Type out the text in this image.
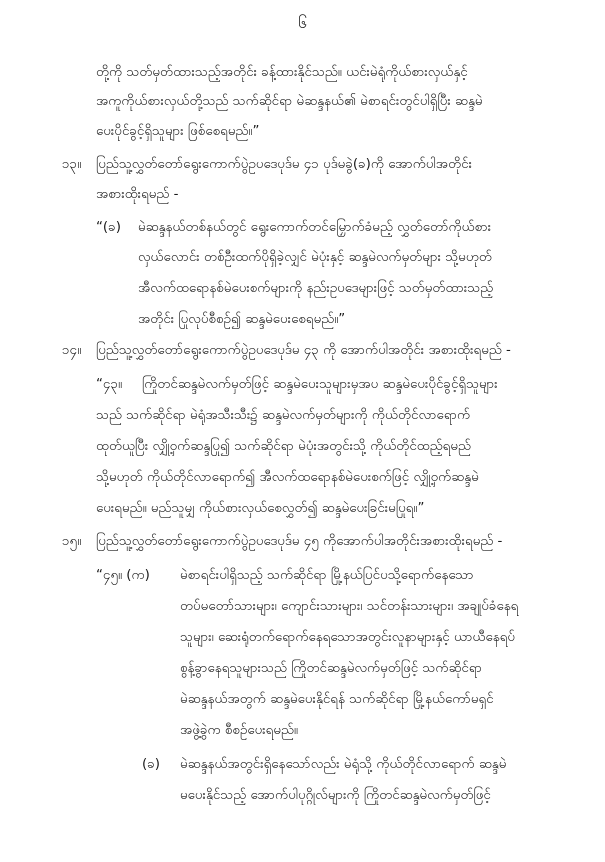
၆
တို့ကို သတ်မှတ်ထားသည့်အတိုင်း ခန့်ထားနိုင်သည်။ ယင်းမဲရုံကိုယ်စားလှယ်နှင့်
အကူကိုယ်စားလှယ်တို့သည် သက်ဆိုင်ရာ မဲဆန္ဒနယ်၏ မဲစာရင်းတွင်ပါရှိပြီး ဆန္ဒမဲ
ပေးပိုင်ခွင့်ရှိသူများ ဖြစ်စေရမည်။”
၁၃။ ပြည်သူ့လွှတ်တော်ရွေးကောက်ပွဲဥပဒေပုဒ်မ ၄၁ ပုဒ်မခွဲ(ခ)ကို အောက်ပါအတိုင်း
အစားထိုးရမည် -
“(ခ) မဲဆန္ဒနယ်တစ်နယ်တွင် ရွေးကောက်တင်မြှောက်ခံမည့် လွှတ်တော်ကိုယ်စား
လှယ်လောင်း တစ်ဦးထက်ပိုရှိခဲ့လျှင် မဲပုံးနှင့် ဆန္ဒမဲလက်မှတ်များ သို့မဟုတ်
အီလက်ထရောနစ်မဲပေးစက်များကို နည်းဥပဒေများဖြင့် သတ်မှတ်ထားသည့်
အတိုင်း ပြုလုပ်စီစဉ်၍ ဆန္ဒမဲပေးစေရမည်။”
၁၄။ ပြည်သူ့လွှတ်တော်ရွေးကောက်ပွဲဥပဒေပုဒ်မ ၄၃ ကို အောက်ပါအတိုင်း အစားထိုးရမည် -
“၄၃။ ကြိုတင်ဆန္ဒမဲလက်မှတ်ဖြင့် ဆန္ဒမဲပေးသူများမှအပ ဆန္ဒမဲပေးပိုင်ခွင့်ရှိသူများ
သည် သက်ဆိုင်ရာ မဲရုံအသီးသီး၌ ဆန္ဒမဲလက်မှတ်များကို ကိုယ်တိုင်လာရောက်
ထုတ်ယူပြီး လျှို့ဝှက်ဆန္ဒပြု၍ သက်ဆိုင်ရာ မဲပုံးအတွင်းသို့ ကိုယ်တိုင်ထည့်ရမည်
သို့မဟုတ် ကိုယ်တိုင်လာရောက်၍ အီလက်ထရောနစ်မဲပေးစက်ဖြင့် လျှို့ဝှက်ဆန္ဒမဲ
ပေးရမည်။ မည်သူမျှ ကိုယ်စားလှယ်စေလွှတ်၍ ဆန္ဒမဲပေးခြင်းမပြုရ။”
၁၅။ ပြည်သူ့လွှတ်တော်ရွေးကောက်ပွဲဥပဒေပုဒ်မ ၄၅ ကိုအောက်ပါအတိုင်းအစားထိုးရမည် -
“၄၅။ (က) မဲစာရင်းပါရှိသည့် သက်ဆိုင်ရာ မြို့နယ်ပြင်ပသို့ရောက်နေသော
တပ်မတော်သားများ၊ ကျောင်းသားများ၊ သင်တန်းသားများ၊ အချုပ်ခံနေရ
သူများ၊ ဆေးရုံတက်ရောက်နေရသောအတွင်းလူနာများနှင့် ယာယီနေရပ်
စွန့်ခွာနေရသူများသည် ကြိုတင်ဆန္ဒမဲလက်မှတ်ဖြင့် သက်ဆိုင်ရာ
မဲဆန္ဒနယ်အတွက် ဆန္ဒမဲပေးနိုင်ရန် သက်ဆိုင်ရာ မြို့နယ်ကော်မရှင်
အဖွဲ့ခွဲက စီစဉ်ပေးရမည်။
(ခ) မဲဆန္ဒနယ်အတွင်းရှိနေသော်လည်း မဲရုံသို့ ကိုယ်တိုင်လာရောက် ဆန္ဒမဲ
မပေးနိုင်သည့် အောက်ပါပုဂ္ဂိုလ်များကို ကြိုတင်ဆန္ဒမဲလက်မှတ်ဖြင့်
